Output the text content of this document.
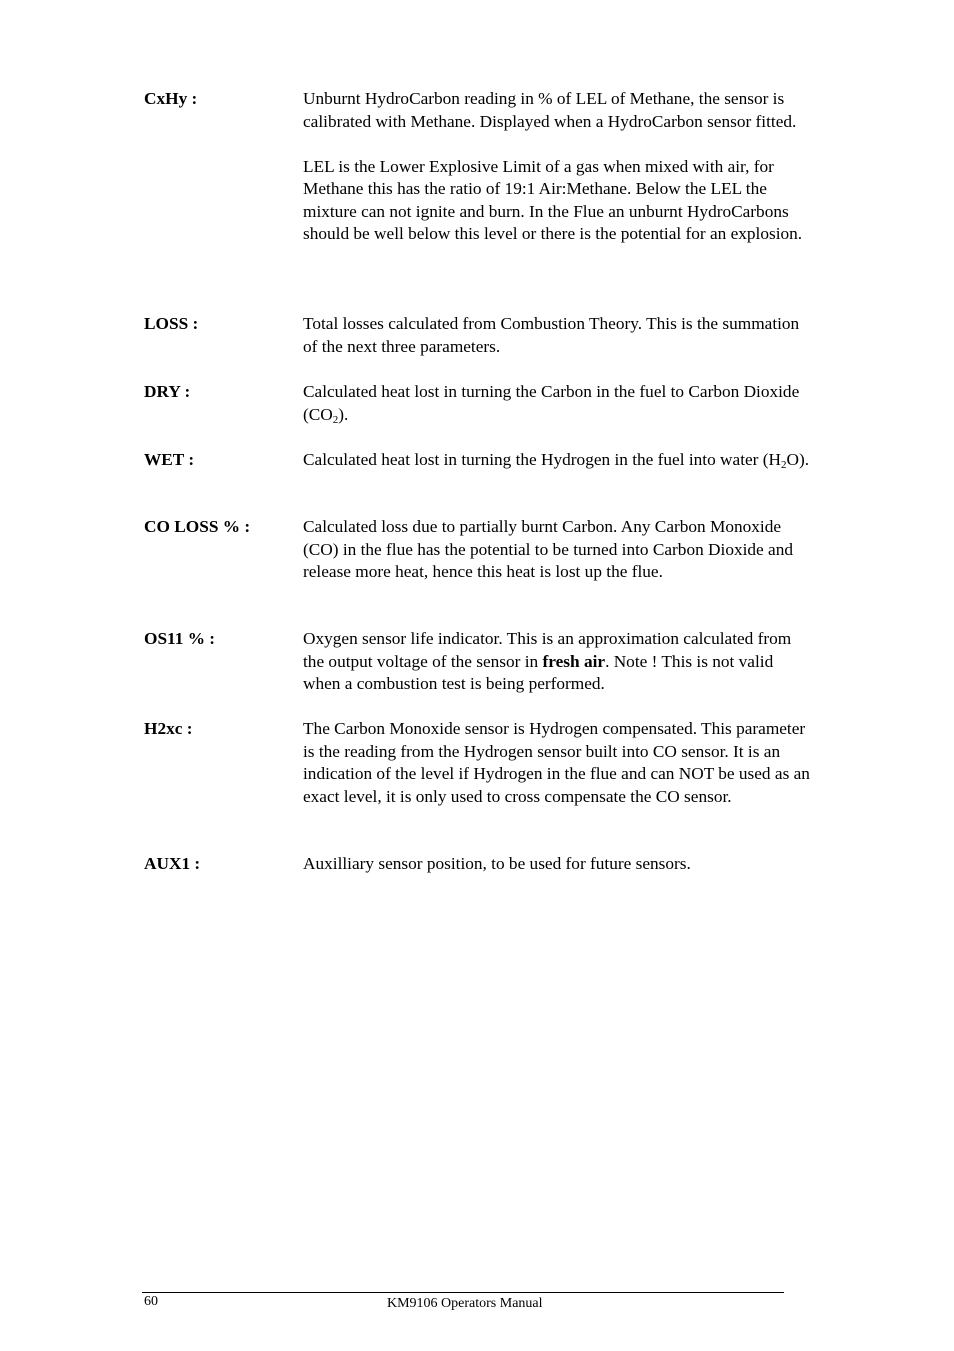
CxHy :	Unburnt HydroCarbon reading in % of LEL of Methane, the sensor is calibrated with Methane. Displayed when a HydroCarbon sensor fitted.

LEL is the Lower Explosive Limit of a gas when mixed with air, for Methane this has the ratio of 19:1 Air:Methane. Below the LEL the mixture can not ignite and burn. In the Flue an unburnt HydroCarbons should be well below this level or there is the potential for an explosion.

LOSS :	Total losses calculated from Combustion Theory. This is the summation of the next three parameters.

DRY :	Calculated heat lost in turning the Carbon in the fuel to Carbon Dioxide $(CO_2)$.

WET :	Calculated heat lost in turning the Hydrogen in the fuel into water $(H_2O)$.

CO LOSS % :	Calculated loss due to partially burnt Carbon. Any Carbon Monoxide (CO) in the flue has the potential to be turned into Carbon Dioxide and release more heat, hence this heat is lost up the flue.

OS11 % :	Oxygen sensor life indicator. This is an approximation calculated from the output voltage of the sensor in fresh air. Note ! This is not valid when a combustion test is being performed.

H2xc :	The Carbon Monoxide sensor is Hydrogen compensated. This parameter is the reading from the Hydrogen sensor built into CO sensor. It is an indication of the level if Hydrogen in the flue and can NOT be used as an exact level, it is only used to cross compensate the CO sensor.

AUX1 :	Auxilliary sensor position, to be used for future sensors.

60	KM9106 Operators Manual
